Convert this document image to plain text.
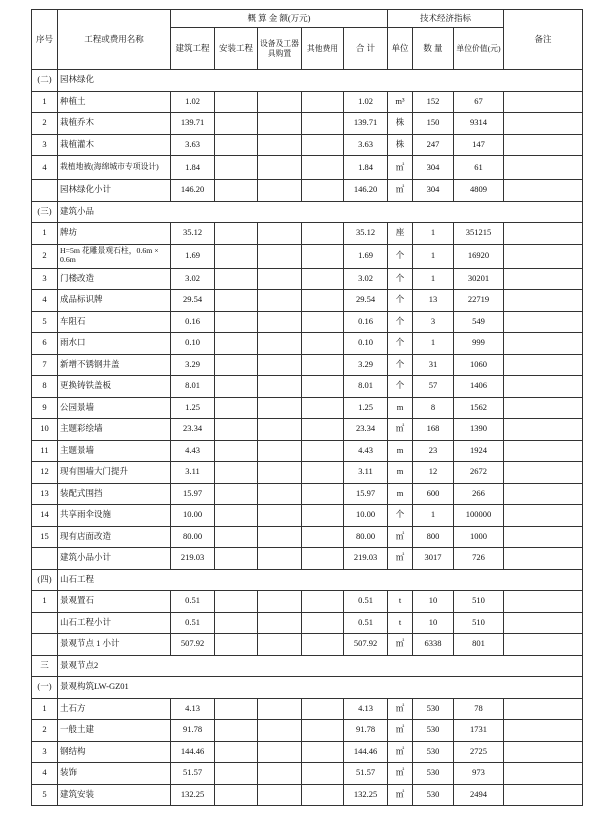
序号	工程或费用名称	概 算 金 额(万元)					技术经济指标			备注
		建筑工程	安装工程	设备及工器具购置	其他费用	合 计	单位	数 量	单位价值(元)	
(二)	园林绿化									
1	种植土	1.02				1.02	m³	152	67	
2	栽植乔木	139.71				139.71	株	150	9314	
3	栽植灌木	3.63				3.63	株	247	147	
4	栽植地被(海绵城市专项设计)	1.84				1.84	㎡	304	61	
	园林绿化小计	146.20				146.20	㎡	304	4809	
(三)	建筑小品									
1	牌坊	35.12				35.12	座	1	351215	
2	H=5m 花雕景观石柱，0.6m × 0.6m	1.69				1.69	个	1	16920	
3	门楼改造	3.02				3.02	个	1	30201	
4	成品标识牌	29.54				29.54	个	13	22719	
5	车阻石	0.16				0.16	个	3	549	
6	雨水口	0.10				0.10	个	1	999	
7	新增不锈钢井盖	3.29				3.29	个	31	1060	
8	更换铸铁盖板	8.01				8.01	个	57	1406	
9	公园景墙	1.25				1.25	m	8	1562	
10	主题彩绘墙	23.34				23.34	㎡	168	1390	
11	主题景墙	4.43				4.43	m	23	1924	
12	现有围墙大门提升	3.11				3.11	m	12	2672	
13	装配式围挡	15.97				15.97	m	600	266	
14	共享雨伞设施	10.00				10.00	个	1	100000	
15	现有店面改造	80.00				80.00	㎡	800	1000	
	建筑小品小计	219.03				219.03	㎡	3017	726	
(四)	山石工程									
1	景观置石	0.51				0.51	t	10	510	
	山石工程小计	0.51				0.51	t	10	510	
	景观节点 1 小计	507.92				507.92	㎡	6338	801	
三	景观节点2									
(一)	景观构筑LW-GZ01									
1	土石方	4.13				4.13	㎡	530	78	
2	一般土建	91.78				91.78	㎡	530	1731	
3	钢结构	144.46				144.46	㎡	530	2725	
4	装饰	51.57				51.57	㎡	530	973	
5	建筑安装	132.25				132.25	㎡	530	2494	
